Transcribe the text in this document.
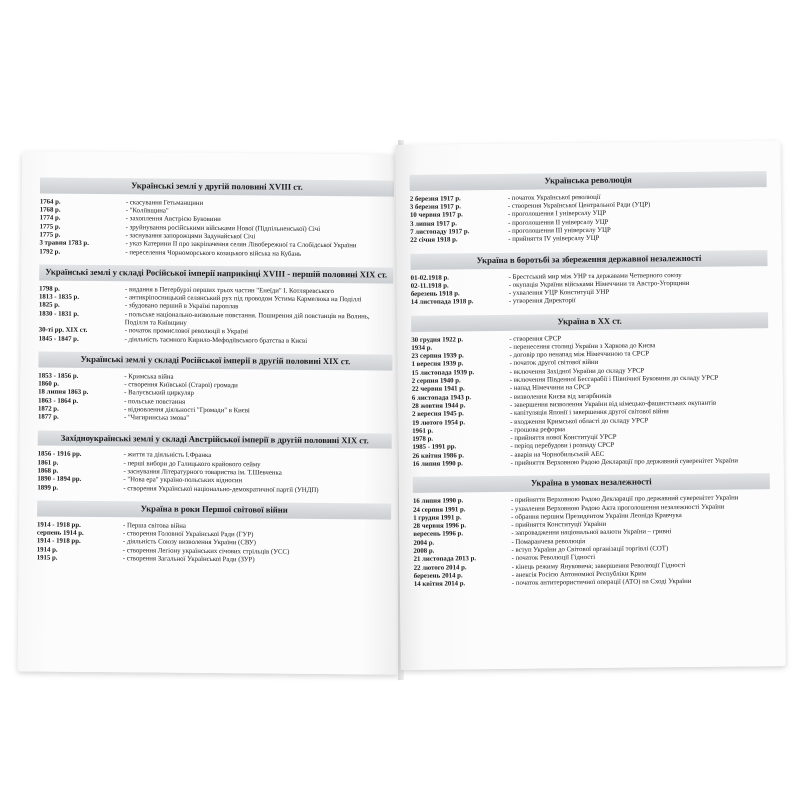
Українські землі у другій половині XVIII ст.
1764 р.	- скасування Гетьманщини
1768 р.	- "Коліївщина"
1774 р.	- захоплення Австрією Буковини
1775 р.	- зруйнування російськими військами Нової (Підпільненської) Січі
1775 р.	- заснування запорожцями Задунайської Січі
3 травня 1783 р.	- указ Катерини ІІ про закріпачення селян Лівобережної та Слобідської України
1792 р.	- переселення Чорноморського козацького війська на Кубань
Українські землі у складі Російської імперії наприкінці XVIII - першій половині XIX ст.
1798 р.	- видання в Петербурзі перших трьох частин "Енеїди" І. Котляревського
1813 - 1835 р.	- антикріпосницький селянський рух під проводом Устима Кармелюка на Поділлі
1825 р.	- збудовано перший в Україні пароплав
1830 - 1831 р.	- польське національно-визвольне повстання. Поширення дій повстанців на Волинь, Поділля та Київщину
30-ті рр. XIX ст.	- початок промислової революції в Україні
1845 - 1847 р.	- діяльність таємного Кирило-Мефодіївського братства в Києві
Українські землі у складі Російської імперії в другій половині XIX ст.
1853 - 1856 р.	- Кримська війна
1860 р.	- створення Київської (Старої) громади
18 липня 1863 р.	- Валуєвський циркуляр
1863 - 1864 р.	- польське повстання
1872 р.	- відновлення діяльності "Громади" в Києві
1877 р.	- "Чигиринська змова"
Західноукраїнські землі у складі Австрійської імперії в другій половині XIX ст.
1856 - 1916 рр.	- життя та діяльність І.Франка
1861 р.	- перші вибори до Галицького крайового сейму
1868 р.	- заснування Літературного товариства ім. Т.Шевченка
1890 - 1894 рр.	- "Нова ера" україно-польських відносин
1899 р.	- створення Української національно-демократичної партії (УНДП)
Україна в роки Першої світової війни
1914 - 1918 рр.	- Перша світова війна
серпень 1914 р.	- створення Головної Української Ради (ГУР)
1914 - 1918 рр.	- діяльність Союзу визволення України (СВУ)
1914 р.	- створення Легіону українських січових стрільців (УСС)
1915 р.	- створення Загальної Української Ради (ЗУР)
Українська революція
2 березня 1917 р.	- початок Української революції
3 березня 1917 р.	- створення Української Центральної Ради (УЦР)
10 червня 1917 р.	- проголошення І універсалу УЦР
3 липня 1917 р.	- проголошення ІІ універсалу УЦР
7 листопаду 1917 р.	- проголошення ІІІ універсалу УЦР
22 січня 1918 р.	- прийняття IV універсалу УЦР
Україна в боротьбі за збереження державної незалежності
01-02.1918 р.	- Брестський мир між УНР та державами Четверного союзу
02-11.1918 р.	- окупація України військами Німеччини та Австро-Угорщини
березень 1918 р.	- ухвалення УЦР Конституції УНР
14 листопада 1918 р.	- утворення Директорії
Україна в XX ст.
30 грудня 1922 р.	- створення СРСР
1934 р.	- перенесення столиці України з Харкова до Києва
23 серпня 1939 р.	- договір про ненапад між Німеччиною та СРСР
1 вересня 1939 р.	- початок другої світової війни
15 листопада 1939 р.	- включення Західної України до складу УРСР
2 серпня 1940 р.	- включення Південної Бессарабії і Північної Буковини до складу УРСР
22 червня 1941 р.	- напад Німеччини на СРСР
6 листопада 1943 р.	- визволення Києва від загарбників
28 жовтня 1944 р.	- завершення визволення України від німецько-фашистських окупантів
2 вересня 1945 р.	- капітуляція Японії і завершення другої світової війни
19 лютого 1954 р.	- входження Кримської області до складу УРСР
1961 р.	- грошова реформа
1978 р.	- прийняття нової Конституції УРСР
1985 - 1991 рр.	- період перебудови і розпаду СРСР
26 квітня 1986 р.	- аварія на Чорнобильській АЕС
16 липня 1990 р.	- прийняття Верховною Радою Декларації про державний суверенітет України
Україна в умовах незалежності
16 липня 1990 р.	- прийняття Верховною Радою Декларації про державний суверенітет України
24 серпня 1991 р.	- ухвалення Верховною Радою Акта проголошення незалежності України
1 грудня 1991 р.	- обрання першим Президентом України Леоніда Кравчука
28 червня 1996 р.	- прийняття Конституції України
вересень 1996 р.	- запровадження національної валюти України – гривні
2004 р.	- Помаранчева революція
2008 р.	- вступ України до Світової організації торгівлі (СОТ)
21 листопада 2013 р.	- початок Революції Гідності
22 лютого 2014 р.	- кінець режиму Януковича; завершення Революції Гідності
березень 2014 р.	- анексія Росією Автономної Республіки Крим
14 квітня 2014 р.	- початок антитерористичної операції (АТО) на Сході України
